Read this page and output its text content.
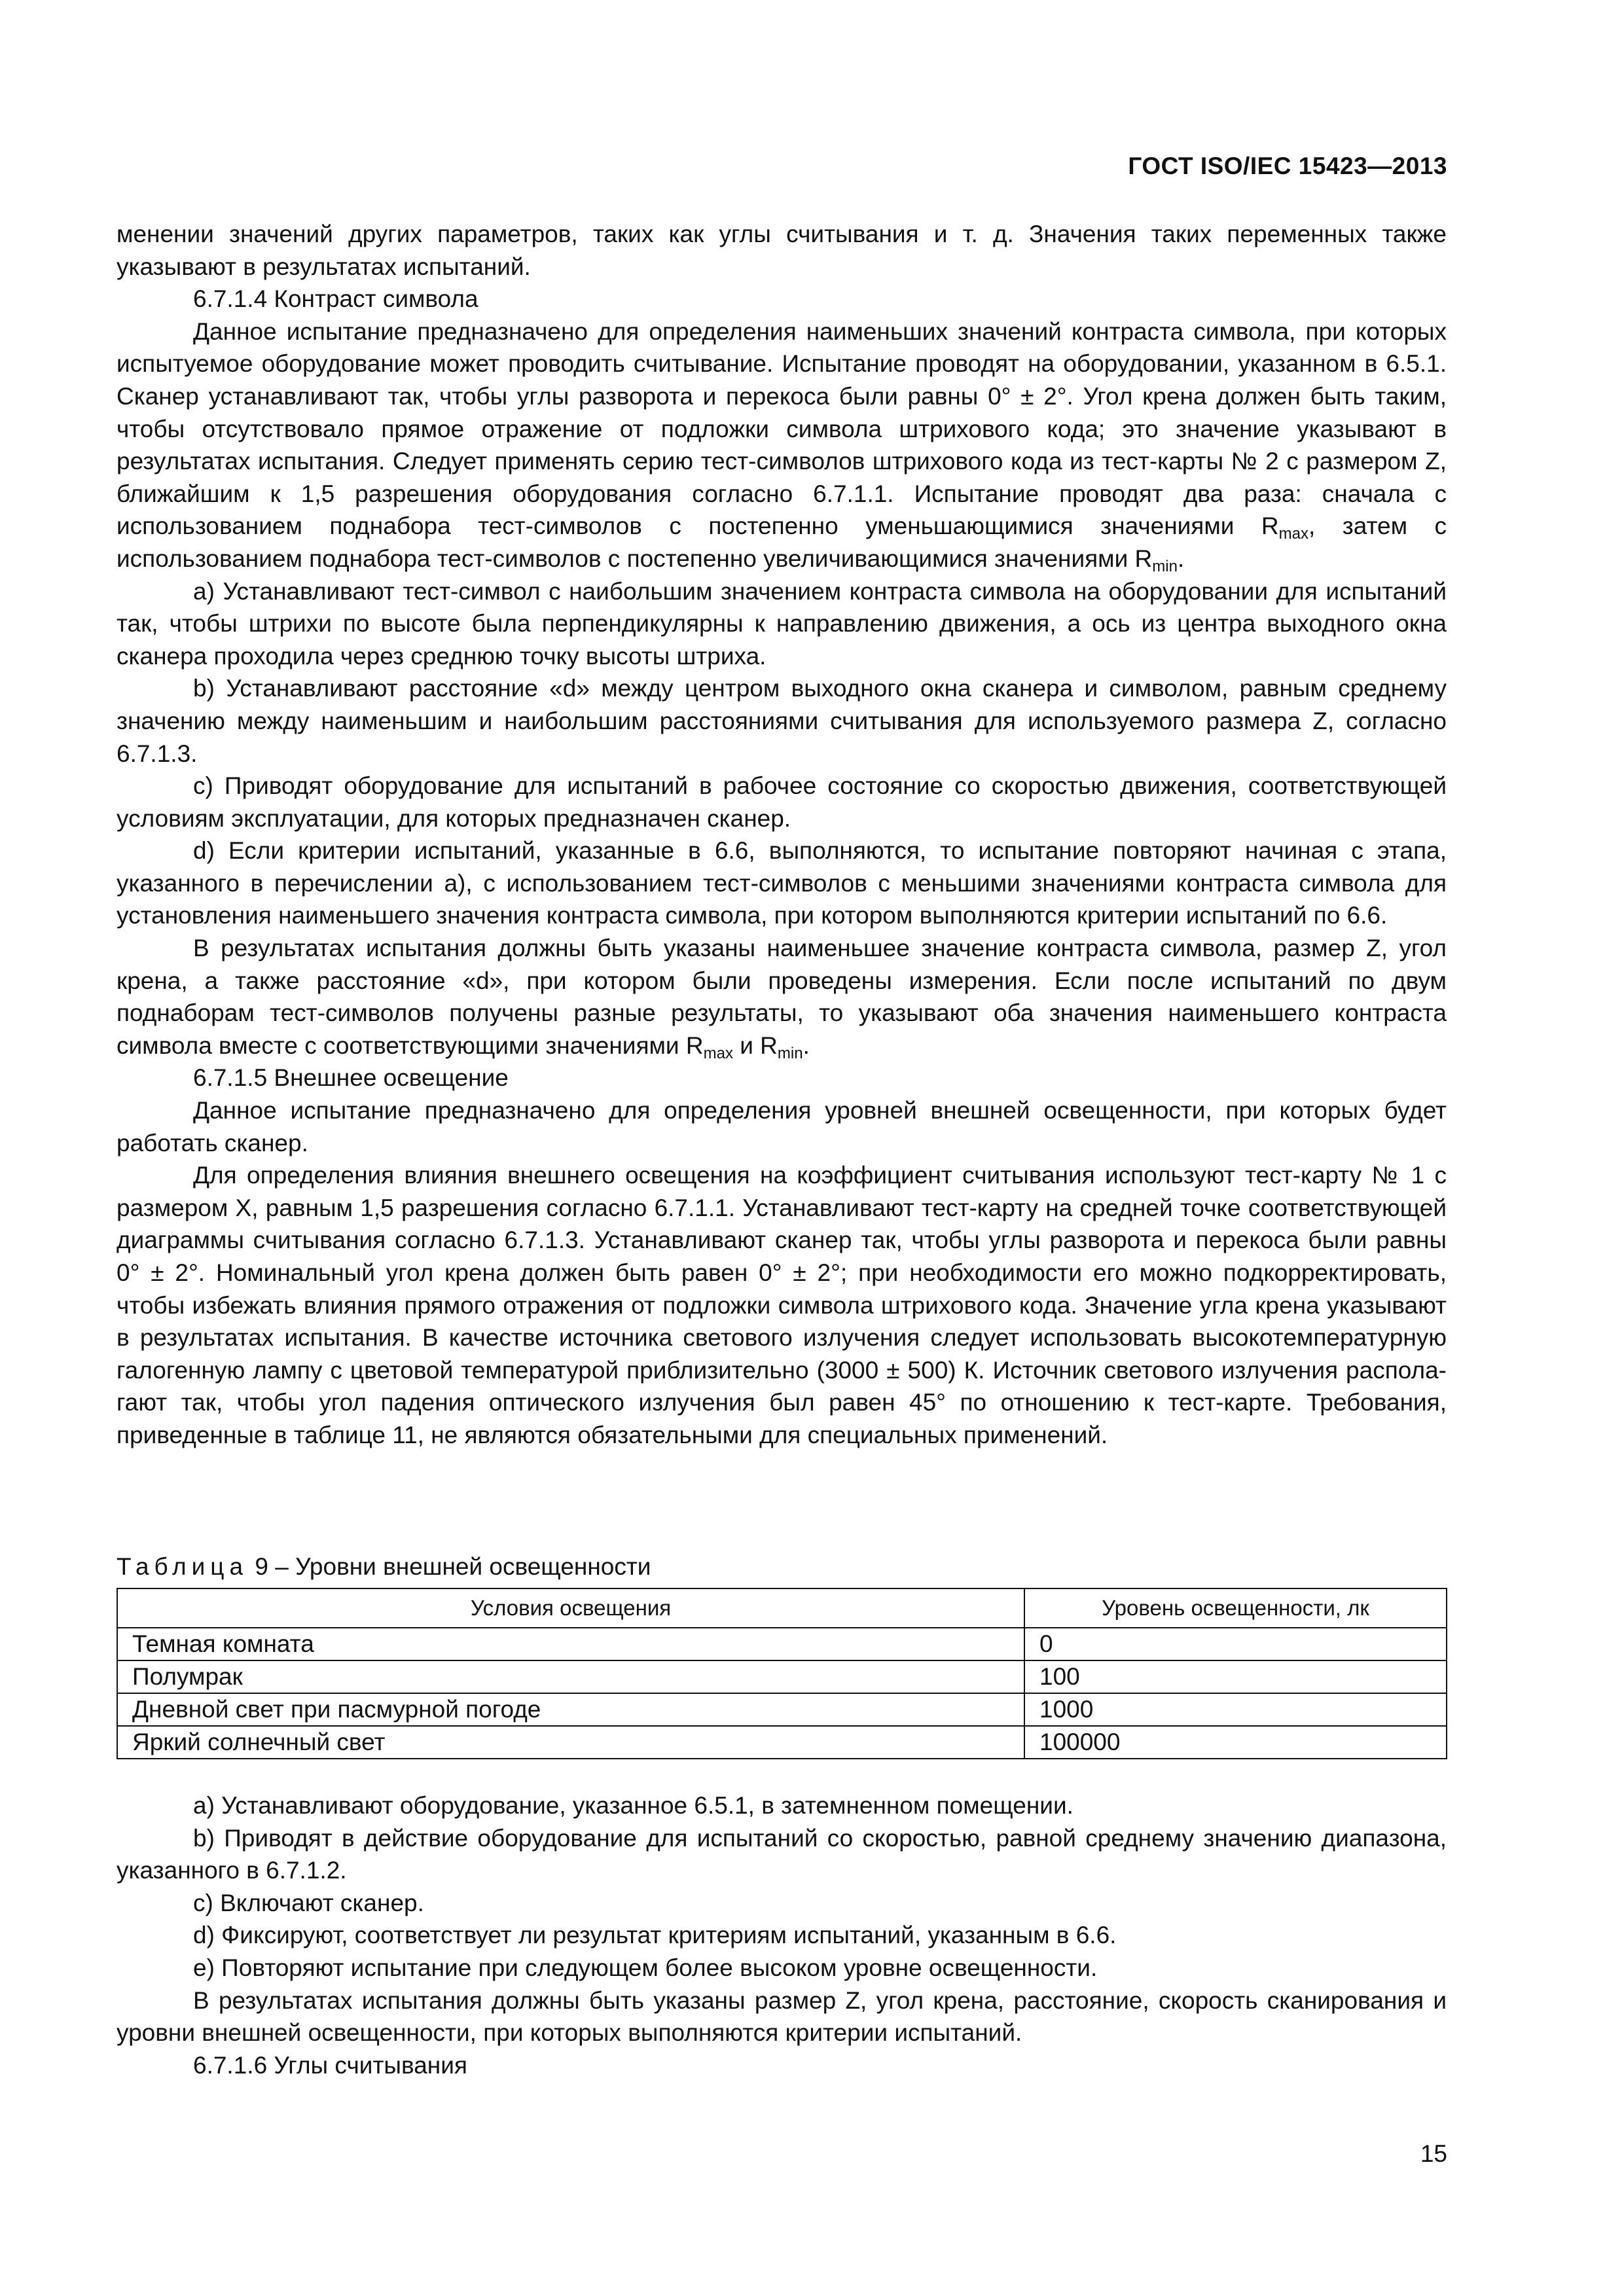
ГОСТ ISO/IEC 15423—2013

менении значений других параметров, таких как углы считывания и т. д. Значения таких переменных также указывают в результатах испытаний.

6.7.1.4 Контраст символа

Данное испытание предназначено для определения наименьших значений контраста символа, при которых испытуемое оборудование может проводить считывание. Испытание проводят на оборудовании, указанном в 6.5.1. Сканер устанавливают так, чтобы углы разворота и перекоса были равны 0° ± 2°. Угол крена должен быть таким, чтобы отсутствовало прямое отражение от подложки символа штрихового кода; это значение указывают в результатах испытания. Следует применять серию тест-символов штрихового кода из тест-карты № 2 с размером Z, ближайшим к 1,5 разрешения оборудования согласно 6.7.1.1. Испытание проводят два раза: сначала с использованием поднабора тест-символов с постепенно уменьшающимися значениями $R_{max}$, затем с использованием поднабора тест-символов с постепенно увеличивающимися значениями $R_{min}$.

a) Устанавливают тест-символ с наибольшим значением контраста символа на оборудовании для испытаний так, чтобы штрихи по высоте была перпендикулярны к направлению движения, а ось из центра выходного окна сканера проходила через среднюю точку высоты штриха.

b) Устанавливают расстояние «d» между центром выходного окна сканера и символом, равным среднему значению между наименьшим и наибольшим расстояниями считывания для используемого размера Z, согласно 6.7.1.3.

c) Приводят оборудование для испытаний в рабочее состояние со скоростью движения, соответствующей условиям эксплуатации, для которых предназначен сканер.

d) Если критерии испытаний, указанные в 6.6, выполняются, то испытание повторяют начиная с этапа, указанного в перечислении а), с использованием тест-символов с меньшими значениями контраста символа для установления наименьшего значения контраста символа, при котором выполняются критерии испытаний по 6.6.

В результатах испытания должны быть указаны наименьшее значение контраста символа, размер Z, угол крена, а также расстояние «d», при котором были проведены измерения. Если после испытаний по двум поднаборам тест-символов получены разные результаты, то указывают оба значения наименьшего контраста символа вместе с соответствующими значениями $R_{max}$ и $R_{min}$.

6.7.1.5 Внешнее освещение

Данное испытание предназначено для определения уровней внешней освещенности, при которых будет работать сканер.

Для определения влияния внешнего освещения на коэффициент считывания используют тест-карту № 1 с размером X, равным 1,5 разрешения согласно 6.7.1.1. Устанавливают тест-карту на средней точке соответствующей диаграммы считывания согласно 6.7.1.3. Устанавливают сканер так, чтобы углы разворота и перекоса были равны 0° ± 2°. Номинальный угол крена должен быть равен 0° ± 2°; при необходимости его можно подкорректировать, чтобы избежать влияния прямого отражения от подложки символа штрихового кода. Значение угла крена указывают в результатах испытания. В качестве источника светового излучения следует использовать высокотемпературную галогенную лампу с цветовой температурой приблизительно (3000 ± 500) К. Источник светового излучения располагают так, чтобы угол падения оптического излучения был равен 45° по отношению к тест-карте. Требования, приведенные в таблице 11, не являются обязательными для специальных применений.

Таблица 9 – Уровни внешней освещенности
Условия освещения	Уровень освещенности, лк
Темная комната	0
Полумрак	100
Дневной свет при пасмурной погоде	1000
Яркий солнечный свет	100000

a) Устанавливают оборудование, указанное 6.5.1, в затемненном помещении.

b) Приводят в действие оборудование для испытаний со скоростью, равной среднему значению диапазона, указанного в 6.7.1.2.

c) Включают сканер.

d) Фиксируют, соответствует ли результат критериям испытаний, указанным в 6.6.

e) Повторяют испытание при следующем более высоком уровне освещенности.

В результатах испытания должны быть указаны размер Z, угол крена, расстояние, скорость сканирования и уровни внешней освещенности, при которых выполняются критерии испытаний.

6.7.1.6 Углы считывания

15
